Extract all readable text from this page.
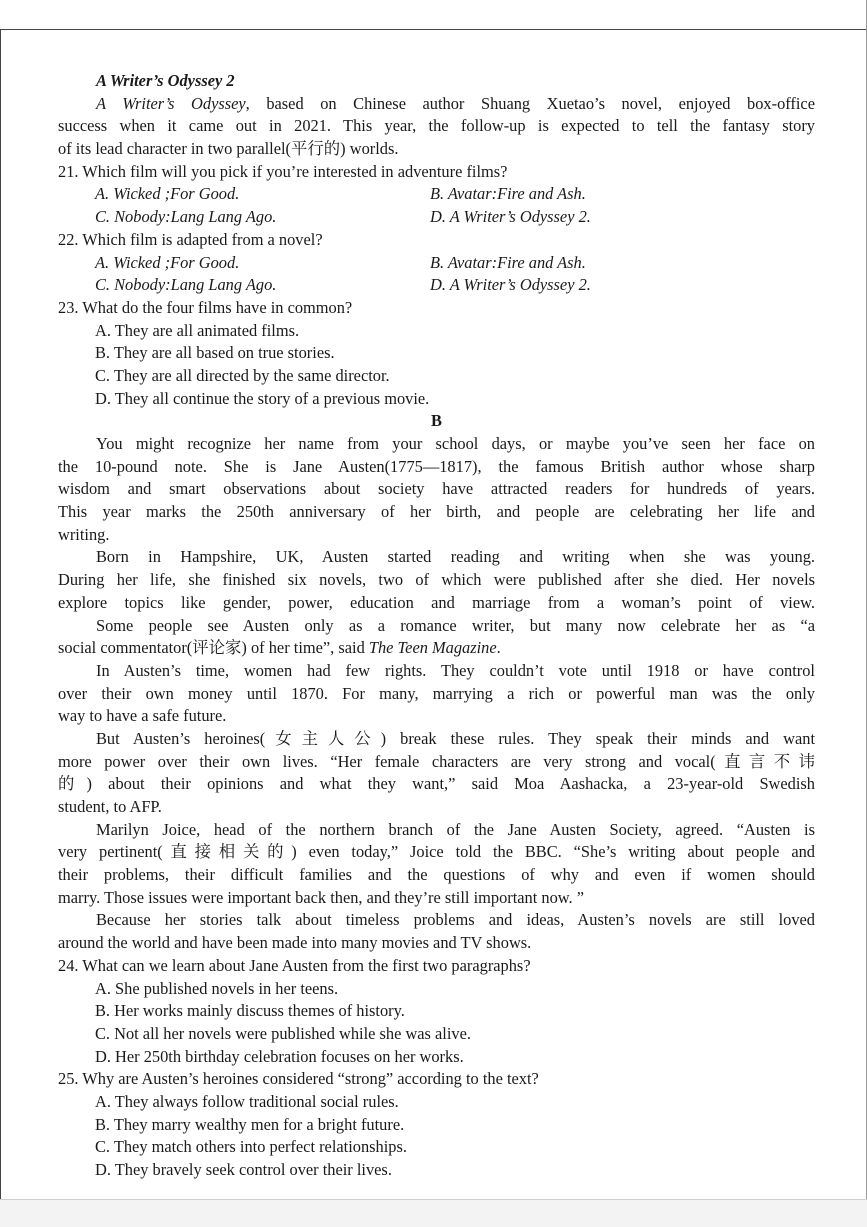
A Writer’s Odyssey 2
A Writer’s Odyssey, based on Chinese author Shuang Xuetao’s novel, enjoyed box-office
success when it came out in 2021. This year, the follow-up is expected to tell the fantasy story
of its lead character in two parallel(平行的) worlds.
21. Which film will you pick if you’re interested in adventure films?
A. Wicked ;For Good.	B. Avatar:Fire and Ash.
C. Nobody:Lang Lang Ago.	D. A Writer’s Odyssey 2.
22. Which film is adapted from a novel?
A. Wicked ;For Good.	B. Avatar:Fire and Ash.
C. Nobody:Lang Lang Ago.	D. A Writer’s Odyssey 2.
23. What do the four films have in common?
A. They are all animated films.
B. They are all based on true stories.
C. They are all directed by the same director.
D. They all continue the story of a previous movie.
B
You might recognize her name from your school days, or maybe you’ve seen her face on
the 10-pound note. She is Jane Austen(1775—1817), the famous British author whose sharp
wisdom and smart observations about society have attracted readers for hundreds of years.
This year marks the 250th anniversary of her birth, and people are celebrating her life and
writing.
Born in Hampshire, UK, Austen started reading and writing when she was young.
During her life, she finished six novels, two of which were published after she died. Her novels
explore topics like gender, power, education and marriage from a woman’s point of view.
Some people see Austen only as a romance writer, but many now celebrate her as “a
social commentator(评论家) of her time”, said The Teen Magazine.
In Austen’s time, women had few rights. They couldn’t vote until 1918 or have control
over their own money until 1870. For many, marrying a rich or powerful man was the only
way to have a safe future.
But Austen’s heroines(女主人公) break these rules. They speak their minds and want
more power over their own lives. “Her female characters are very strong and vocal(直言不讳
的) about their opinions and what they want,” said Moa Aashacka, a 23-year-old Swedish
student, to AFP.
Marilyn Joice, head of the northern branch of the Jane Austen Society, agreed. “Austen is
very pertinent(直接相关的) even today,” Joice told the BBC. “She’s writing about people and
their problems, their difficult families and the questions of why and even if women should
marry. Those issues were important back then, and they’re still important now. ”
Because her stories talk about timeless problems and ideas, Austen’s novels are still loved
around the world and have been made into many movies and TV shows.
24. What can we learn about Jane Austen from the first two paragraphs?
A. She published novels in her teens.
B. Her works mainly discuss themes of history.
C. Not all her novels were published while she was alive.
D. Her 250th birthday celebration focuses on her works.
25. Why are Austen’s heroines considered “strong” according to the text?
A. They always follow traditional social rules.
B. They marry wealthy men for a bright future.
C. They match others into perfect relationships.
D. They bravely seek control over their lives.
